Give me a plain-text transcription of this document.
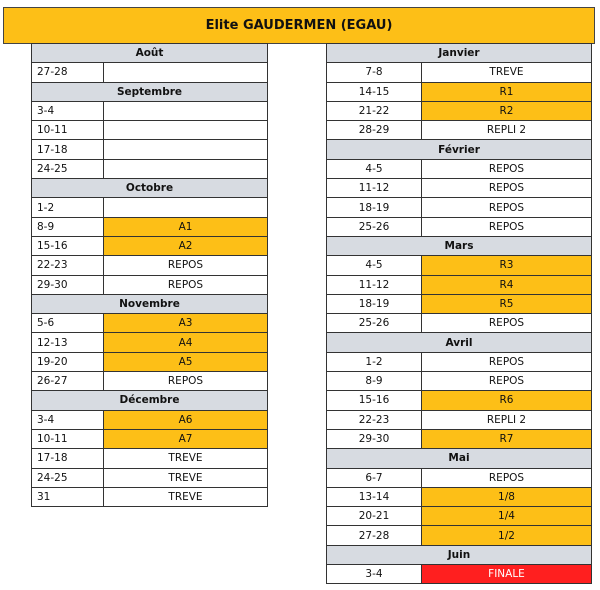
Elite GAUDERMEN (EGAU)
Août
27-28
Septembre
3-4
10-11
17-18
24-25
Octobre
1-2
8-9	A1
15-16	A2
22-23	REPOS
29-30	REPOS
Novembre
5-6	A3
12-13	A4
19-20	A5
26-27	REPOS
Décembre
3-4	A6
10-11	A7
17-18	TREVE
24-25	TREVE
31	TREVE
Janvier
7-8	TREVE
14-15	R1
21-22	R2
28-29	REPLI 2
Février
4-5	REPOS
11-12	REPOS
18-19	REPOS
25-26	REPOS
Mars
4-5	R3
11-12	R4
18-19	R5
25-26	REPOS
Avril
1-2	REPOS
8-9	REPOS
15-16	R6
22-23	REPLI 2
29-30	R7
Mai
6-7	REPOS
13-14	1/8
20-21	1/4
27-28	1/2
Juin
3-4	FINALE
